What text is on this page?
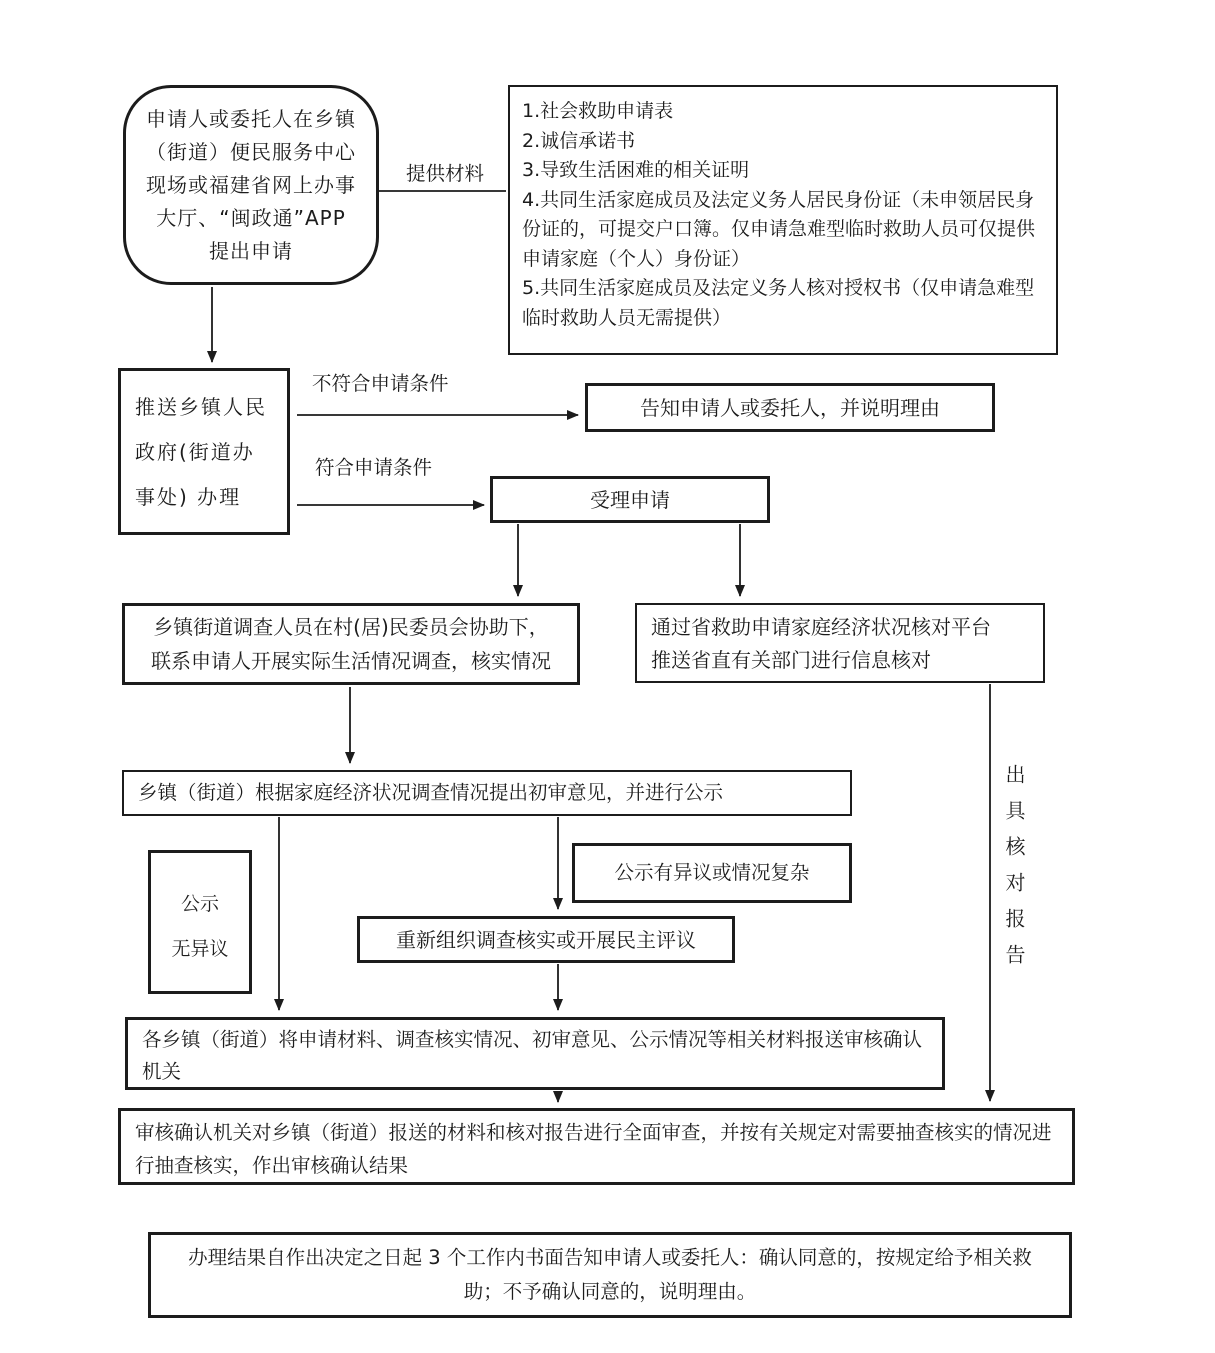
申请人或委托人在乡镇（街道）便民服务中心现场或福建省网上办事大厅、“闽政通”APP 提出申请
1.社会救助申请表
2.诚信承诺书
3.导致生活困难的相关证明
4.共同生活家庭成员及法定义务人居民身份证（未申领居民身份证的，可提交户口簿。仅申请急难型临时救助人员可仅提供申请家庭（个人）身份证）
5.共同生活家庭成员及法定义务人核对授权书（仅申请急难型临时救助人员无需提供）
提供材料
推送乡镇人民政府(街道办事处) 办理
不符合申请条件
符合申请条件
告知申请人或委托人，并说明理由
受理申请
乡镇街道调查人员在村(居)民委员会协助下，
联系申请人开展实际生活情况调查，核实情况
通过省救助申请家庭经济状况核对平台
推送省直有关部门进行信息核对
乡镇（街道）根据家庭经济状况调查情况提出初审意见，并进行公示
公示
无异议
公示有异议或情况复杂
重新组织调查核实或开展民主评议
各乡镇（街道）将申请材料、调查核实情况、初审意见、公示情况等相关材料报送审核确认机关
审核确认机关对乡镇（街道）报送的材料和核对报告进行全面审查，并按有关规定对需要抽查核实的情况进行抽查核实，作出审核确认结果
办理结果自作出决定之日起 3 个工作内书面告知申请人或委托人：确认同意的，按规定给予相关救助；不予确认同意的，说明理由。
出具核对报告
